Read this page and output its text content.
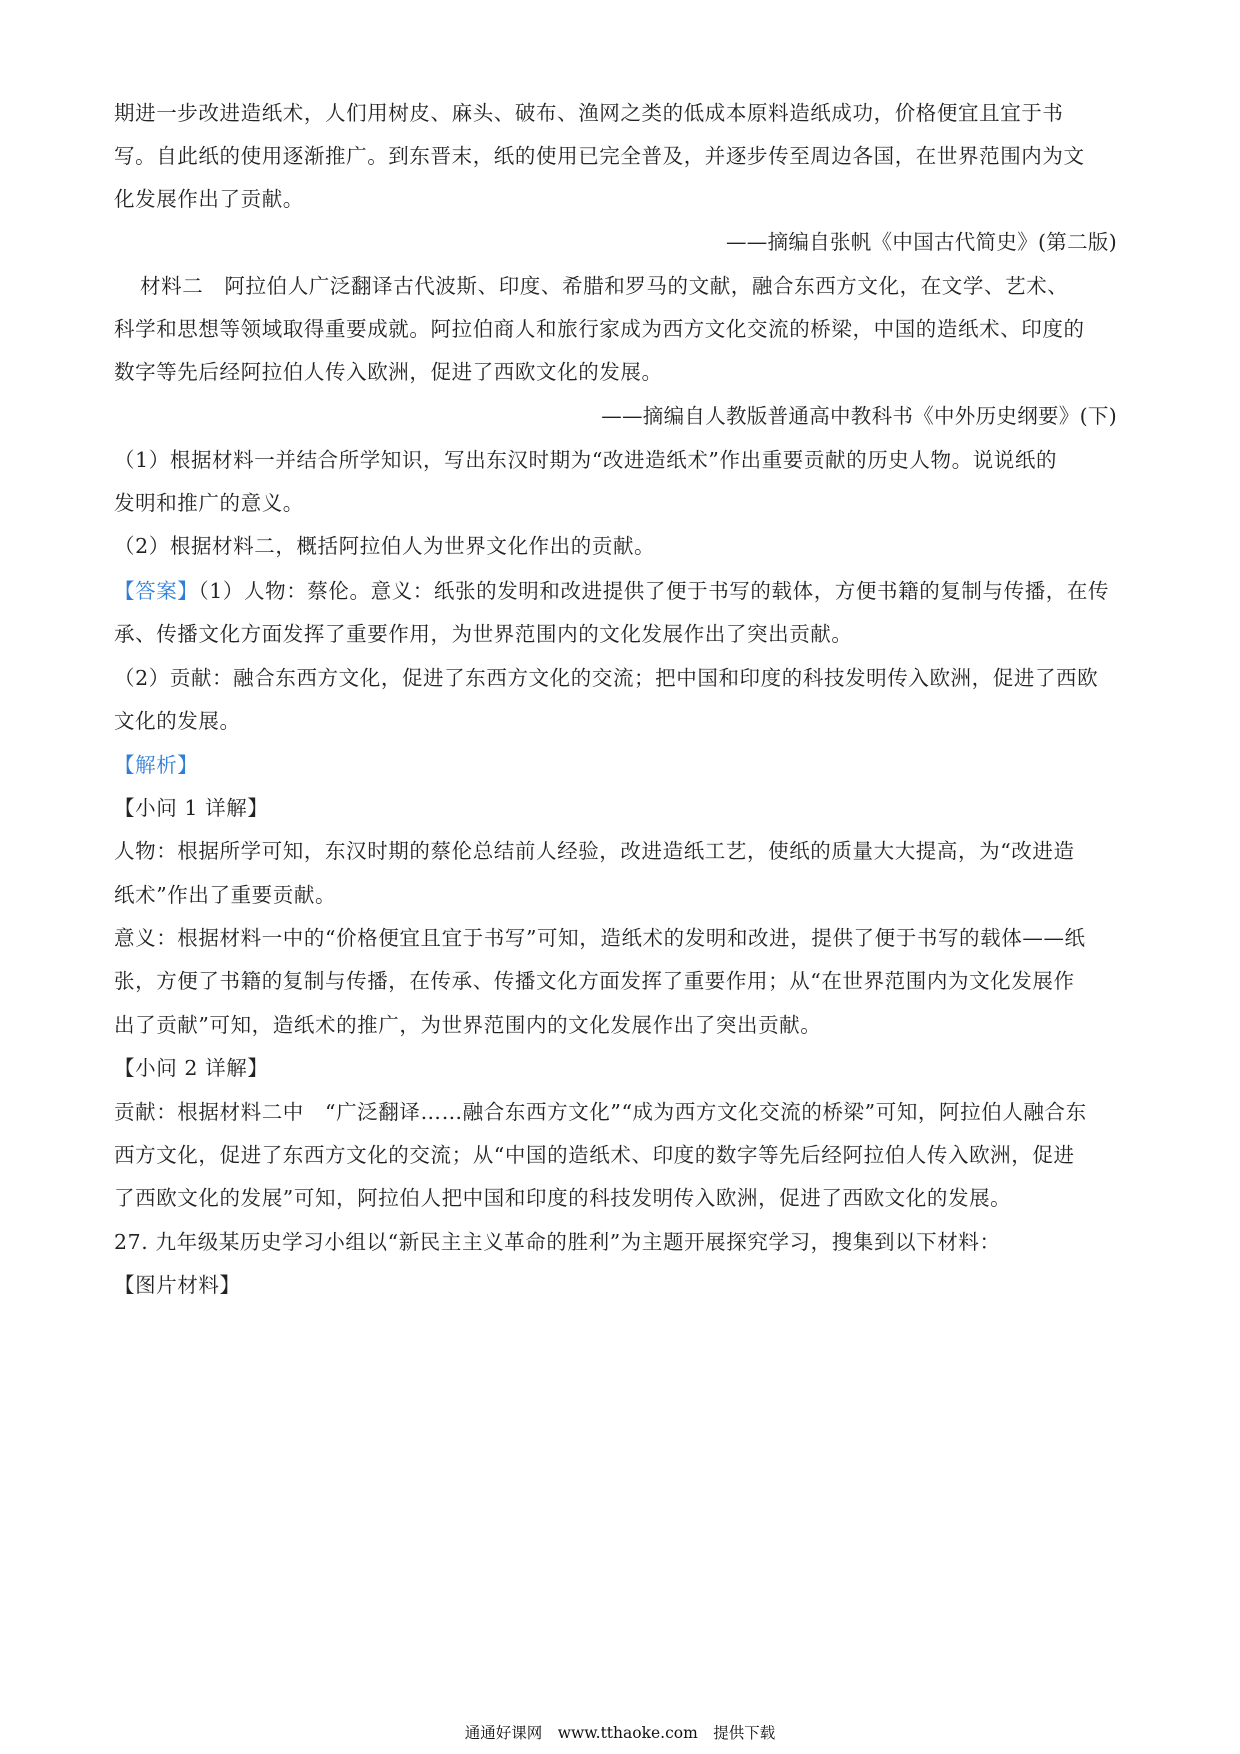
期进一步改进造纸术，人们用树皮、麻头、破布、渔网之类的低成本原料造纸成功，价格便宜且宜于书
写。自此纸的使用逐渐推广。到东晋末，纸的使用已完全普及，并逐步传至周边各国，在世界范围内为文
化发展作出了贡献。
——摘编自张帆《中国古代简史》(第二版)
材料二　阿拉伯人广泛翻译古代波斯、印度、希腊和罗马的文献，融合东西方文化，在文学、艺术、
科学和思想等领域取得重要成就。阿拉伯商人和旅行家成为西方文化交流的桥梁，中国的造纸术、印度的
数字等先后经阿拉伯人传入欧洲，促进了西欧文化的发展。
——摘编自人教版普通高中教科书《中外历史纲要》(下)
（1）根据材料一并结合所学知识，写出东汉时期为“改进造纸术”作出重要贡献的历史人物。说说纸的
发明和推广的意义。
（2）根据材料二，概括阿拉伯人为世界文化作出的贡献。
【答案】（1）人物：蔡伦。意义：纸张的发明和改进提供了便于书写的载体，方便书籍的复制与传播，在传
承、传播文化方面发挥了重要作用，为世界范围内的文化发展作出了突出贡献。
（2）贡献：融合东西方文化，促进了东西方文化的交流；把中国和印度的科技发明传入欧洲，促进了西欧
文化的发展。
【解析】
【小问 1 详解】
人物：根据所学可知，东汉时期的蔡伦总结前人经验，改进造纸工艺，使纸的质量大大提高，为“改进造
纸术”作出了重要贡献。
意义：根据材料一中的“价格便宜且宜于书写”可知，造纸术的发明和改进，提供了便于书写的载体——纸
张，方便了书籍的复制与传播，在传承、传播文化方面发挥了重要作用；从“在世界范围内为文化发展作
出了贡献”可知，造纸术的推广，为世界范围内的文化发展作出了突出贡献。
【小问 2 详解】
贡献：根据材料二中　“广泛翻译……融合东西方文化”“成为西方文化交流的桥梁”可知，阿拉伯人融合东
西方文化，促进了东西方文化的交流；从“中国的造纸术、印度的数字等先后经阿拉伯人传入欧洲，促进
了西欧文化的发展”可知，阿拉伯人把中国和印度的科技发明传入欧洲，促进了西欧文化的发展。
27. 九年级某历史学习小组以“新民主主义革命的胜利”为主题开展探究学习，搜集到以下材料：
【图片材料】
通通好课网　www.tthaoke.com　提供下载
